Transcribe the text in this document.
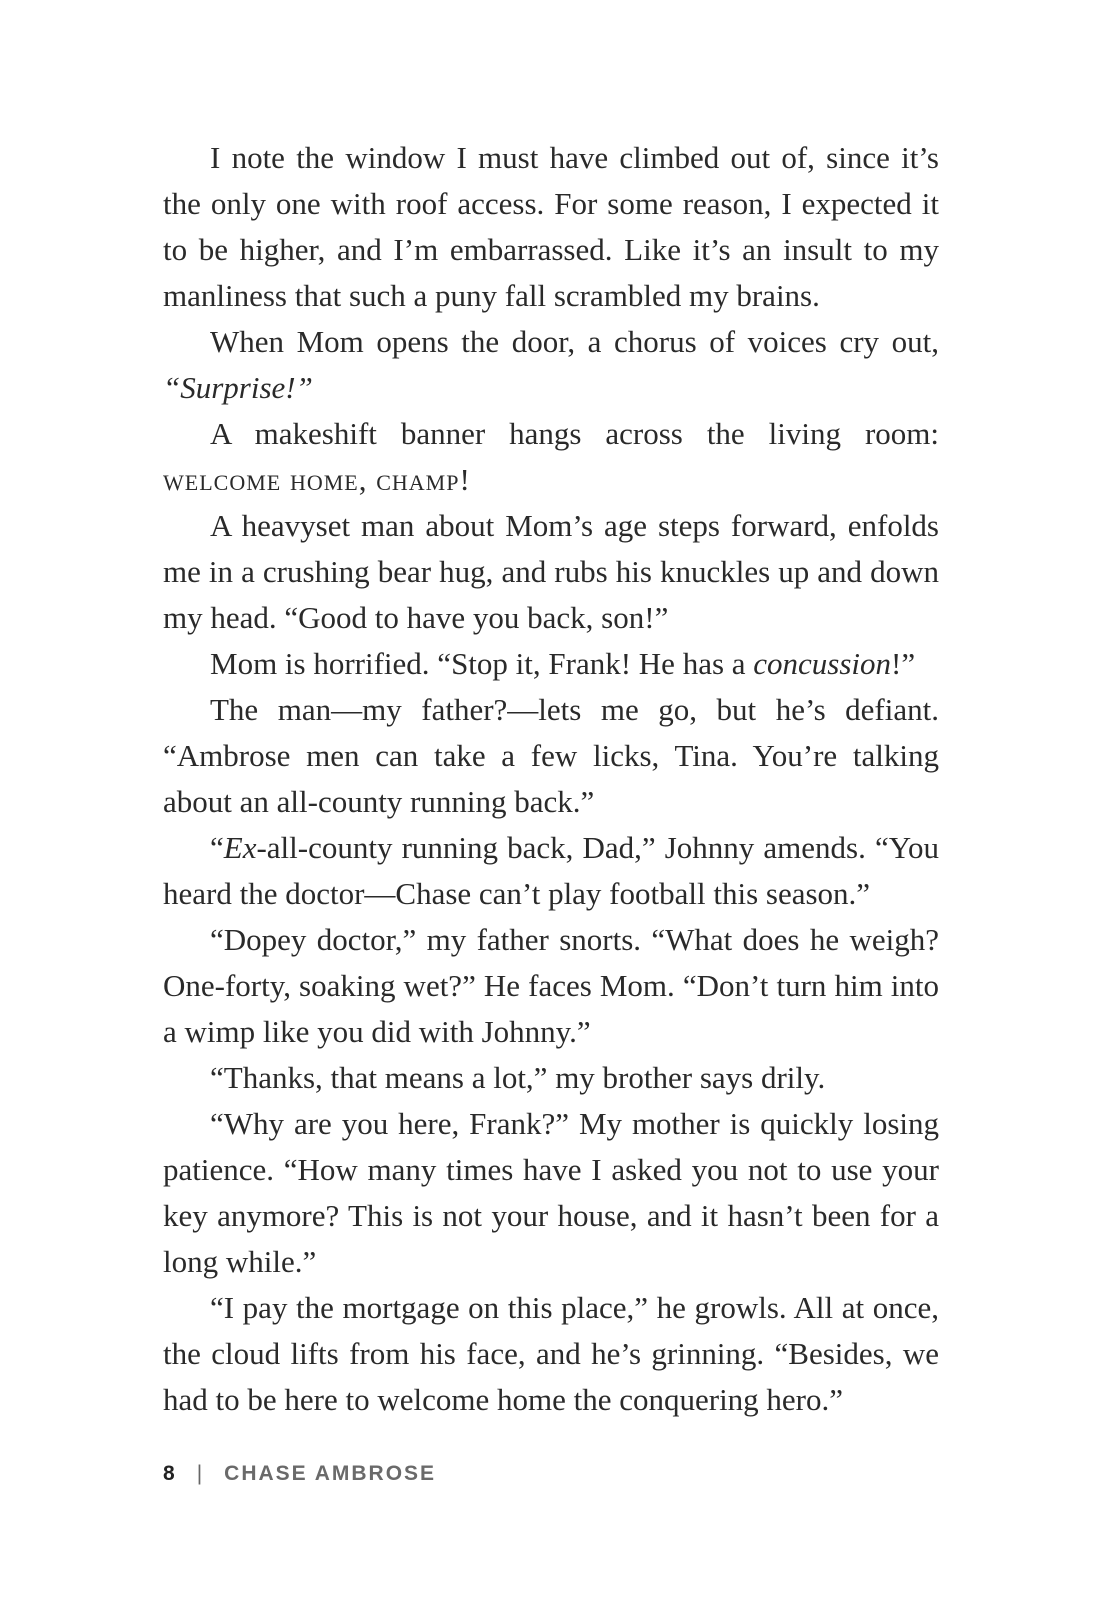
I note the window I must have climbed out of, since it’s the only one with roof access. For some reason, I expected it to be higher, and I’m embarrassed. Like it’s an insult to my manliness that such a puny fall scrambled my brains.

When Mom opens the door, a chorus of voices cry out, “Surprise!”

A makeshift banner hangs across the living room: welcome home, champ!

A heavyset man about Mom’s age steps forward, enfolds me in a crushing bear hug, and rubs his knuckles up and down my head. “Good to have you back, son!”

Mom is horrified. “Stop it, Frank! He has a concussion!”

The man—my father?—lets me go, but he’s defiant. “Ambrose men can take a few licks, Tina. You’re talking about an all-county running back.”

“Ex-all-county running back, Dad,” Johnny amends. “You heard the doctor—Chase can’t play football this season.”

“Dopey doctor,” my father snorts. “What does he weigh? One-forty, soaking wet?” He faces Mom. “Don’t turn him into a wimp like you did with Johnny.”

“Thanks, that means a lot,” my brother says drily.

“Why are you here, Frank?” My mother is quickly losing patience. “How many times have I asked you not to use your key anymore? This is not your house, and it hasn’t been for a long while.”

“I pay the mortgage on this place,” he growls. All at once, the cloud lifts from his face, and he’s grinning. “Besides, we had to be here to welcome home the conquering hero.”

8 | CHASE AMBROSE
